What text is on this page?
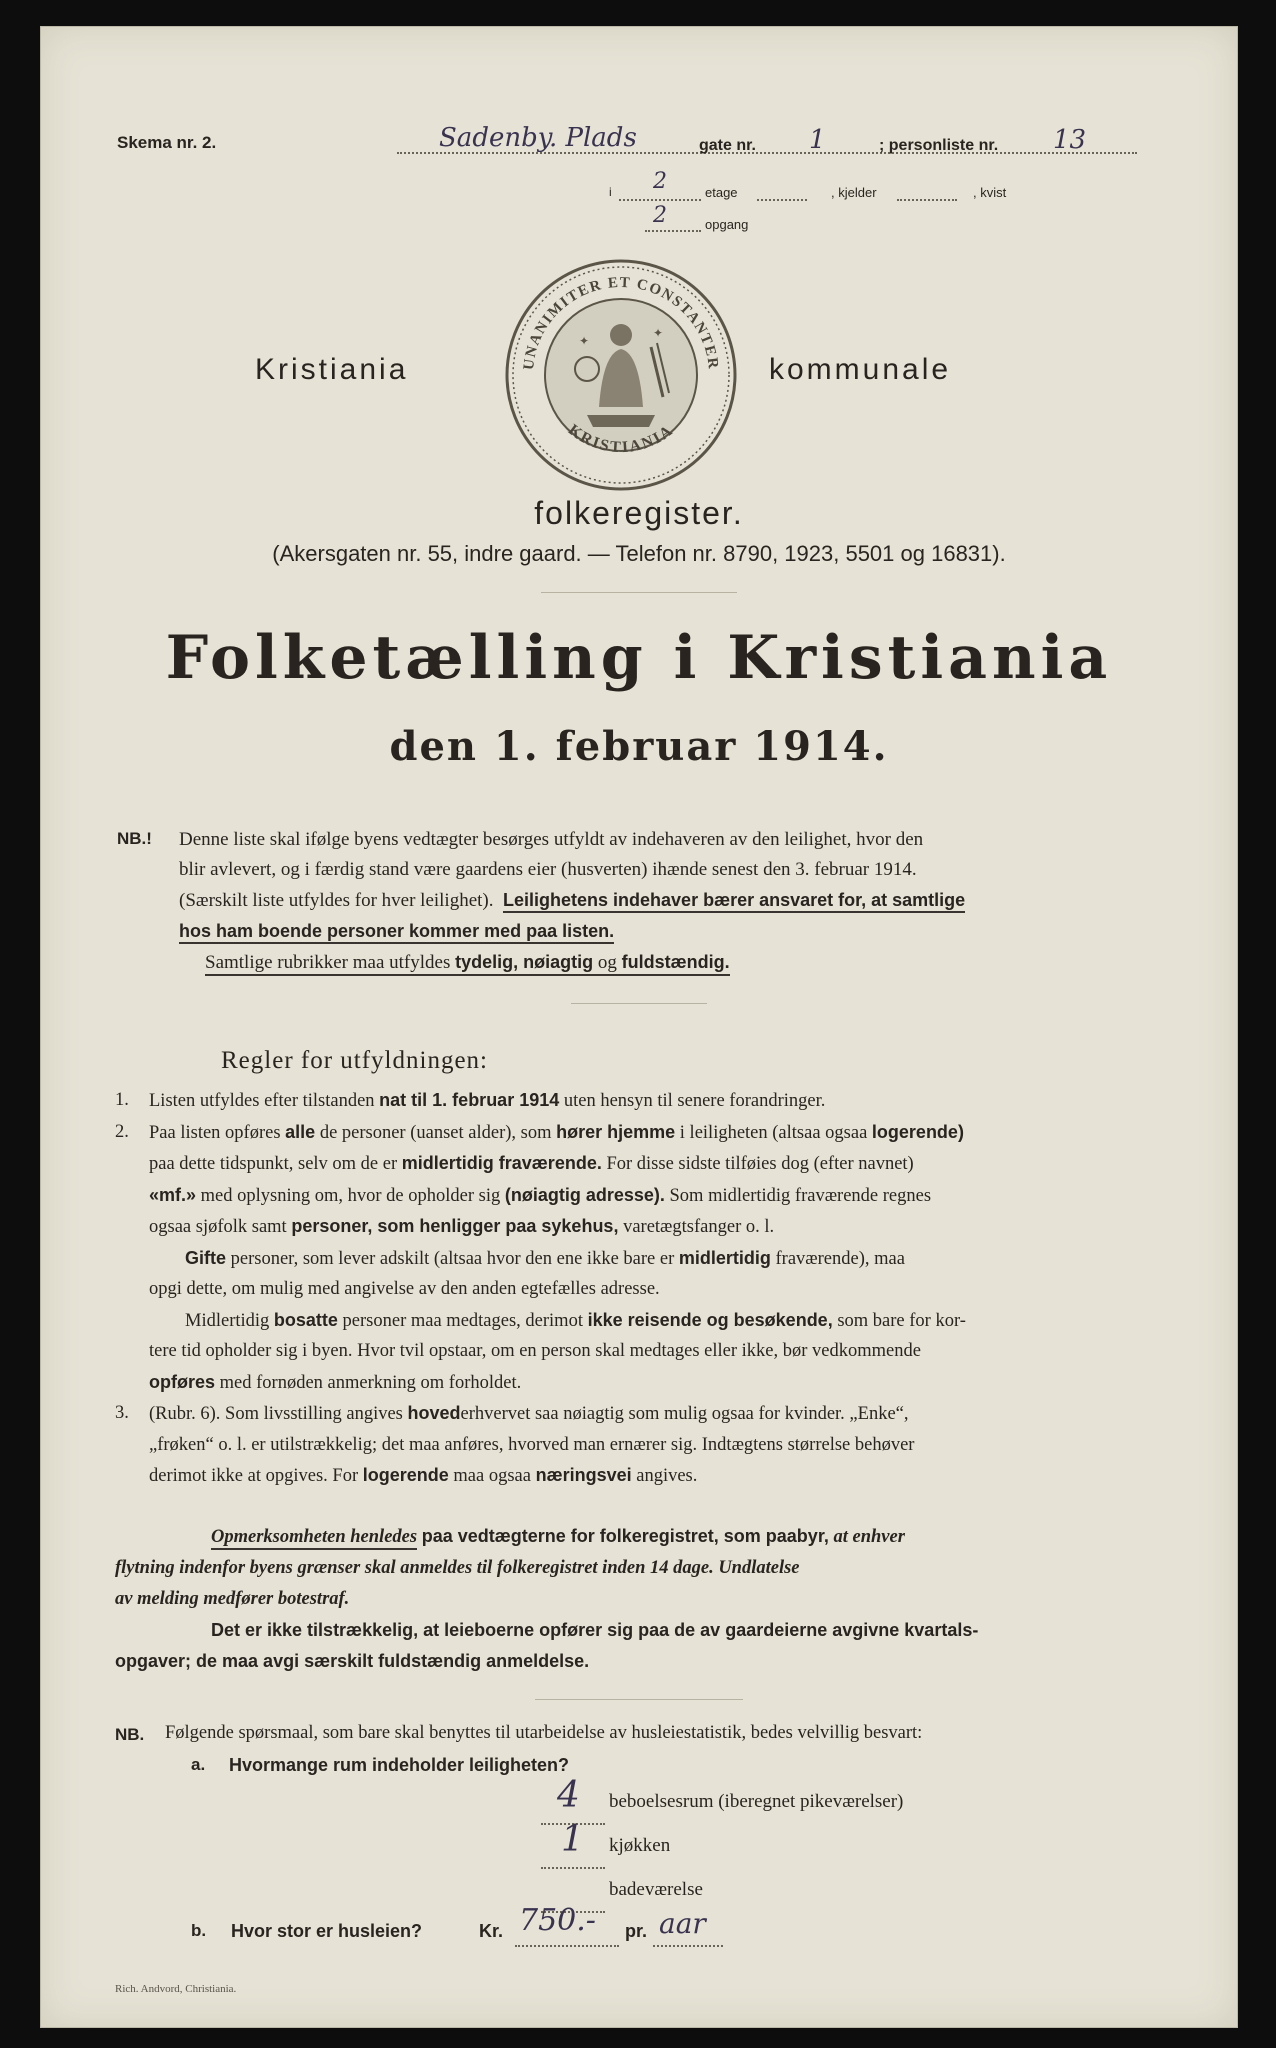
Skema nr. 2.	Sadenby. Plads	gate nr. 1	; personliste nr. 13
i 2	etage	, kjelder	, kvist
2	opgang
UNANIMITER ET CONSTANTER
KRISTIANIA
✦
✦
Kristiania	kommunale
folkeregister.
(Akersgaten nr. 55, indre gaard. — Telefon nr. 8790, 1923, 5501 og 16831).
Folketælling i Kristiania
den 1. februar 1914.
NB.! Denne liste skal ifølge byens vedtægter besørges utfyldt av indehaveren av den leilighet, hvor den
blir avlevert, og i færdig stand være gaardens eier (husverten) ihænde senest den 3. februar 1914.
(Særskilt liste utfyldes for hver leilighet). Leilighetens indehaver bærer ansvaret for, at samtlige
hos ham boende personer kommer med paa listen.
Samtlige rubrikker maa utfyldes tydelig, nøiagtig og fuldstændig.
Regler for utfyldningen:
1.	Listen utfyldes efter tilstanden nat til 1. februar 1914 uten hensyn til senere forandringer.
2.	Paa listen opføres alle de personer (uanset alder), som hører hjemme i leiligheten (altsaa ogsaa logerende)
paa dette tidspunkt, selv om de er midlertidig fraværende. For disse sidste tilføies dog (efter navnet)
«mf.» med oplysning om, hvor de opholder sig (nøiagtig adresse). Som midlertidig fraværende regnes
ogsaa sjøfolk samt personer, som henligger paa sykehus, varetægtsfanger o. l.
Gifte personer, som lever adskilt (altsaa hvor den ene ikke bare er midlertidig fraværende), maa
opgi dette, om mulig med angivelse av den anden egtefælles adresse.
Midlertidig bosatte personer maa medtages, derimot ikke reisende og besøkende, som bare for kor-
tere tid opholder sig i byen. Hvor tvil opstaar, om en person skal medtages eller ikke, bør vedkommende
opføres med fornøden anmerkning om forholdet.
3.	(Rubr. 6). Som livsstilling angives hovederhvervet saa nøiagtig som mulig ogsaa for kvinder. „Enke“,
„frøken“ o. l. er utilstrækkelig; det maa anføres, hvorved man ernærer sig. Indtægtens størrelse behøver
derimot ikke at opgives. For logerende maa ogsaa næringsvei angives.
Opmerksomheten henledes paa vedtægterne for folkeregistret, som paabyr, at enhver
flytning indenfor byens grænser skal anmeldes til folkeregistret inden 14 dage. Undlatelse
av melding medfører botestraf.
Det er ikke tilstrækkelig, at leieboerne opfører sig paa de av gaardeierne avgivne kvartals-
opgaver; de maa avgi særskilt fuldstændig anmeldelse.
NB. Følgende spørsmaal, som bare skal benyttes til utarbeidelse av husleiestatistik, bedes velvillig besvart:
a. Hvormange rum indeholder leiligheten?
4 beboelsesrum (iberegnet pikeværelser)
1 kjøkken
badeværelse
b. Hvor stor er husleien?	Kr. 750.- pr. aar
Rich. Andvord, Christiania.
